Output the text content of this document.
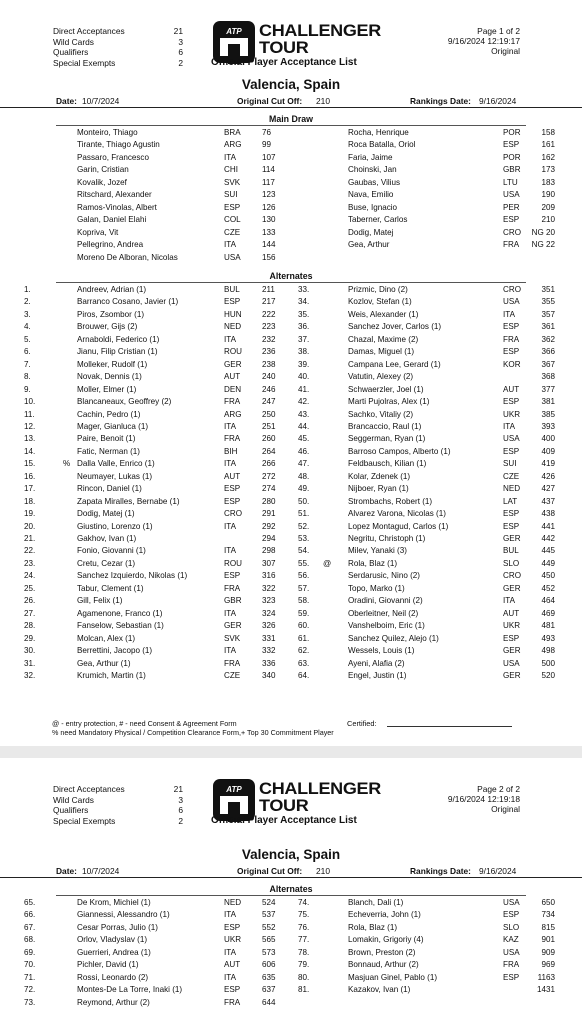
Direct Acceptances	21
Wild Cards	3
Qualifiers	6
Special Exempts	2
ATP CHALLENGER
TOUR
Official Player Acceptance List
Page 1 of 2
9/16/2024 12:19:17
Original
Valencia, Spain
Date: 10/7/2024	Original Cut Off: 210	Rankings Date: 9/16/2024
Main Draw
Monteiro, Thiago	BRA	76	Rocha, Henrique	POR	158
Tirante, Thiago Agustin	ARG	99	Roca Batalla, Oriol	ESP	161
Passaro, Francesco	ITA	107	Faria, Jaime	POR	162
Garin, Cristian	CHI	114	Choinski, Jan	GBR	173
Kovalik, Jozef	SVK	117	Gaubas, Vilius	LTU	183
Ritschard, Alexander	SUI	123	Nava, Emilio	USA	190
Ramos-Vinolas, Albert	ESP	126	Buse, Ignacio	PER	209
Galan, Daniel Elahi	COL	130	Taberner, Carlos	ESP	210
Kopriva, Vit	CZE	133	Dodig, Matej	CRO	NG 20
Pellegrino, Andrea	ITA	144	Gea, Arthur	FRA	NG 22
Moreno De Alboran, Nicolas	USA	156
Alternates
1.	Andreev, Adrian (1)	BUL	211	33.	Prizmic, Dino (2)	CRO	351
2.	Barranco Cosano, Javier (1)	ESP	217	34.	Kozlov, Stefan (1)	USA	355
3.	Piros, Zsombor (1)	HUN	222	35.	Weis, Alexander (1)	ITA	357
4.	Brouwer, Gijs (2)	NED	223	36.	Sanchez Jover, Carlos (1)	ESP	361
5.	Arnaboldi, Federico (1)	ITA	232	37.	Chazal, Maxime (2)	FRA	362
6.	Jianu, Filip Cristian (1)	ROU 236	38.	Damas, Miguel (1)	ESP	366
7.	Molleker, Rudolf (1)	GER	238	39.	Campana Lee, Gerard (1)	KOR	367
8.	Novak, Dennis (1)	AUT	240	40.	Vatutin, Alexey (2)	368
9.	Moller, Elmer (1)	DEN	246	41.	Schwaerzler, Joel (1)	AUT	377
10.	Blancaneaux, Geoffrey (2)	FRA	247	42.	Marti Pujolras, Alex (1)	ESP	381
11.	Cachin, Pedro (1)	ARG	250	43.	Sachko, Vitaliy (2)	UKR	385
12.	Mager, Gianluca (1)	ITA	251	44.	Brancaccio, Raul (1)	ITA	393
13.	Paire, Benoit (1)	FRA	260	45.	Seggerman, Ryan (1)	USA	400
14.	Fatic, Nerman (1)	BIH	264	46.	Barroso Campos, Alberto (1)	ESP	409
15.	% Dalla Valle, Enrico (1)	ITA	266	47.	Feldbausch, Kilian (1)	SUI	419
16.	Neumayer, Lukas (1)	AUT	272	48.	Kolar, Zdenek (1)	CZE	426
17.	Rincon, Daniel (1)	ESP	274	49.	Nijboer, Ryan (1)	NED	427
18.	Zapata Miralles, Bernabe (1)	ESP	280	50.	Strombachs, Robert (1)	LAT	437
19.	Dodig, Matej (1)	CRO 291	51.	Alvarez Varona, Nicolas (1)	ESP	438
20.	Giustino, Lorenzo (1)	ITA	292	52.	Lopez Montagud, Carlos (1)	ESP	441
21.	Gakhov, Ivan (1)	294	53.	Negritu, Christoph (1)	GER	442
22.	Fonio, Giovanni (1)	ITA	298	54.	Milev, Yanaki (3)	BUL	445
23.	Cretu, Cezar (1)	ROU 307	55. @ Rola, Blaz (1)	SLO	449
24.	Sanchez Izquierdo, Nikolas (1)	ESP	316	56.	Serdarusic, Nino (2)	CRO	450
25.	Tabur, Clement (1)	FRA	322	57.	Topo, Marko (1)	GER	452
26.	Gill, Felix (1)	GBR	323	58.	Oradini, Giovanni (2)	ITA	464
27.	Agamenone, Franco (1)	ITA	324	59.	Oberleitner, Neil (2)	AUT	469
28.	Fanselow, Sebastian (1)	GER	326	60.	Vanshelboim, Eric (1)	UKR	481
29.	Molcan, Alex (1)	SVK	331	61.	Sanchez Quilez, Alejo (1)	ESP	493
30.	Berrettini, Jacopo (1)	ITA	332	62.	Wessels, Louis (1)	GER	498
31.	Gea, Arthur (1)	FRA	336	63.	Ayeni, Alafia (2)	USA	500
32.	Krumich, Martin (1)	CZE	340	64.	Engel, Justin (1)	GER	520
@ - entry protection, # - need Consent & Agreement Form
% need Mandatory Physical / Competition Clearance Form,+ Top 30 Commitment Player
Certified:
Direct Acceptances	21
Wild Cards	3
Qualifiers	6
Special Exempts	2
ATP CHALLENGER
TOUR
Official Player Acceptance List
Page 2 of 2
9/16/2024 12:19:18
Original
Valencia, Spain
Date: 10/7/2024	Original Cut Off: 210	Rankings Date: 9/16/2024
Alternates
65.	De Krom, Michiel (1)	NED	524	74.	Blanch, Dali (1)	USA	650
66.	Giannessi, Alessandro (1)	ITA	537	75.	Echeverria, John (1)	ESP	734
67.	Cesar Porras, Julio (1)	ESP	552	76.	Rola, Blaz (1)	SLO	815
68.	Orlov, Vladyslav (1)	UKR	565	77.	Lomakin, Grigoriy (4)	KAZ	901
69.	Guerrieri, Andrea (1)	ITA	573	78.	Brown, Preston (2)	USA	909
70.	Pichler, David (1)	AUT	606	79.	Bonnaud, Arthur (2)	FRA	969
71.	Rossi, Leonardo (2)	ITA	635	80.	Masjuan Ginel, Pablo (1)	ESP	1163
72.	Montes-De La Torre, Inaki (1)	ESP	637	81.	Kazakov, Ivan (1)	1431
73.	Reymond, Arthur (2)	FRA	644
